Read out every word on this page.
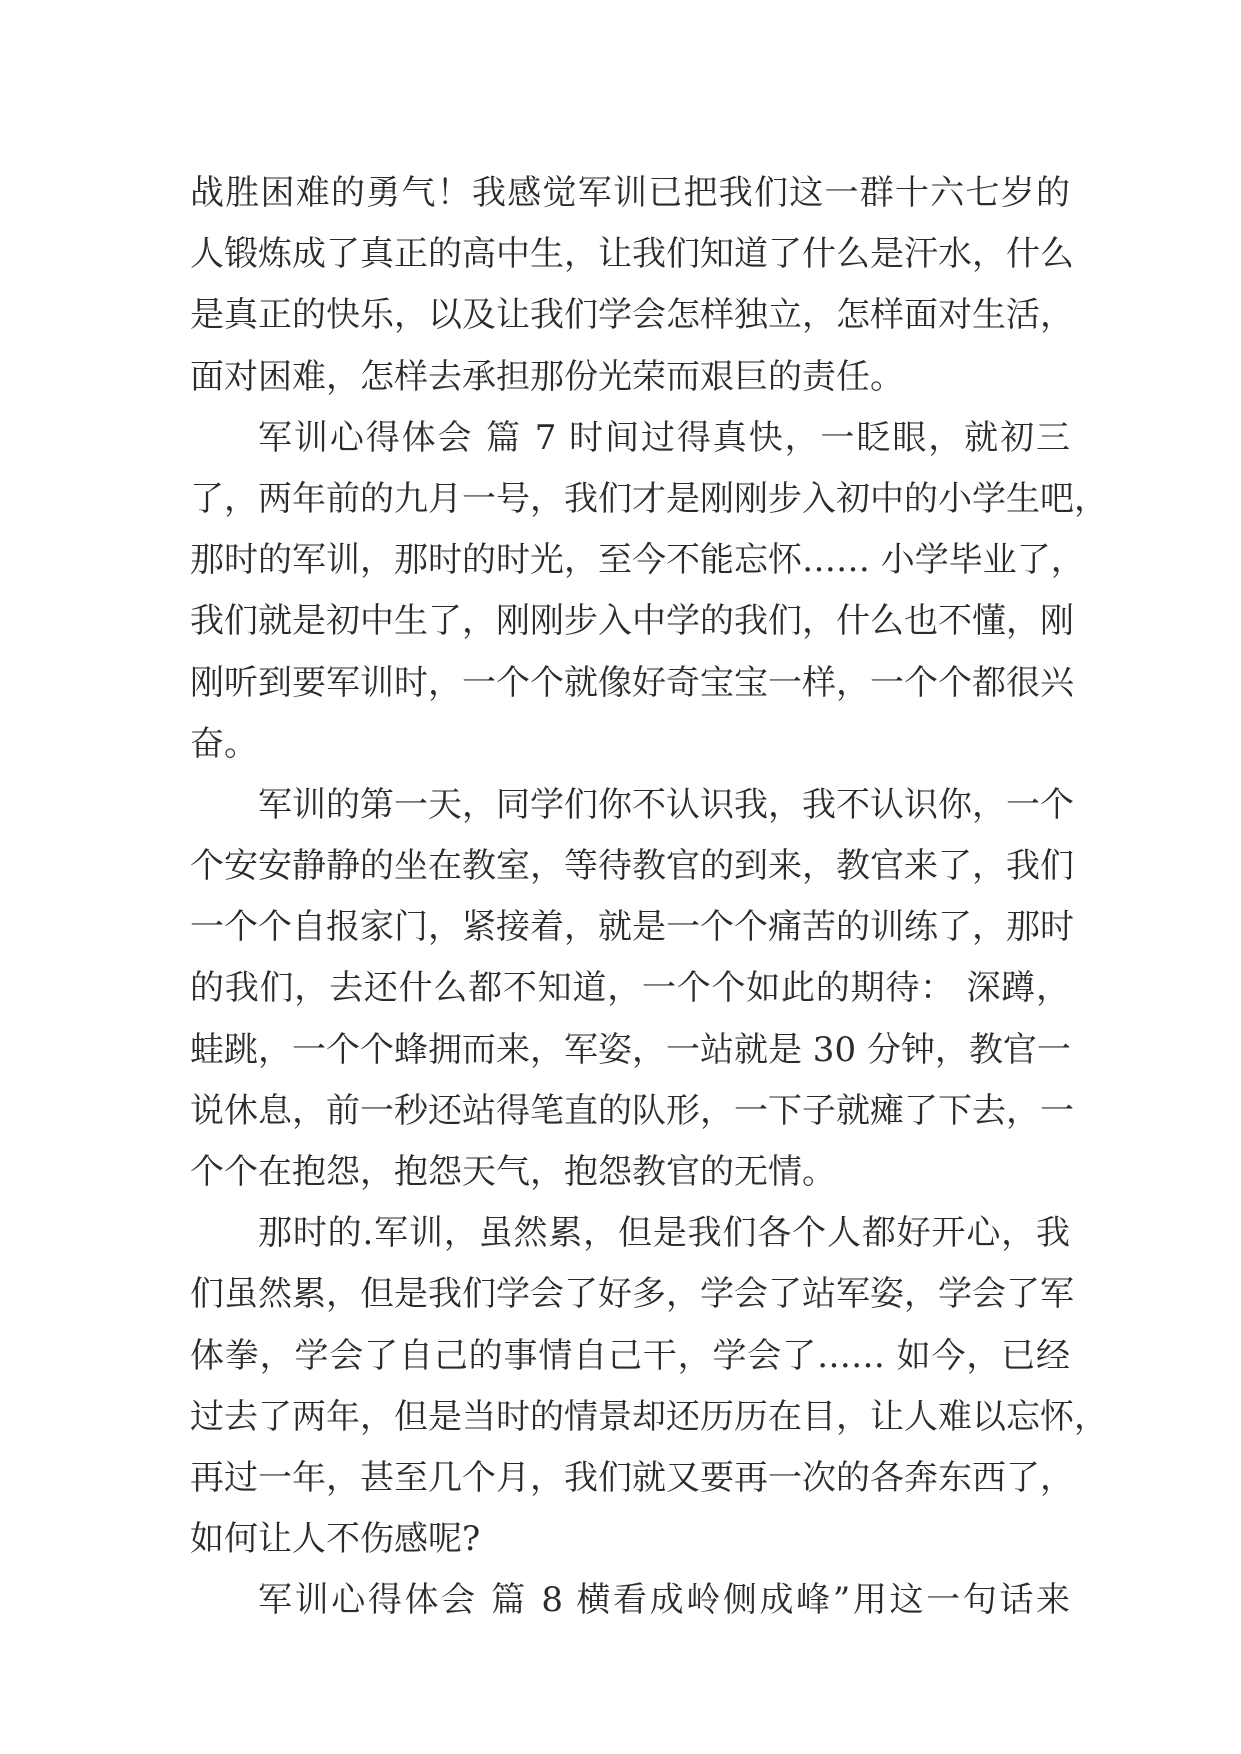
战胜困难的勇气！我感觉军训已把我们这一群十六七岁的
人锻炼成了真正的高中生，让我们知道了什么是汗水，什么
是真正的快乐，以及让我们学会怎样独立，怎样面对生活，
面对困难，怎样去承担那份光荣而艰巨的责任。
军训心得体会 篇 7 时间过得真快，一眨眼，就初三
了，两年前的九月一号，我们才是刚刚步入初中的小学生吧，
那时的军训，那时的时光，至今不能忘怀…… 小学毕业了，
我们就是初中生了，刚刚步入中学的我们，什么也不懂，刚
刚听到要军训时，一个个就像好奇宝宝一样，一个个都很兴
奋。
军训的第一天，同学们你不认识我，我不认识你，一个
个安安静静的坐在教室，等待教官的到来，教官来了，我们
一个个自报家门，紧接着，就是一个个痛苦的训练了，那时
的我们，去还什么都不知道，一个个如此的期待： 深蹲，
蛙跳，一个个蜂拥而来，军姿，一站就是 30 分钟，教官一
说休息，前一秒还站得笔直的队形，一下子就瘫了下去，一
个个在抱怨，抱怨天气，抱怨教官的无情。
那时的.军训，虽然累，但是我们各个人都好开心，我
们虽然累，但是我们学会了好多，学会了站军姿，学会了军
体拳，学会了自己的事情自己干，学会了…… 如今，已经
过去了两年，但是当时的情景却还历历在目，让人难以忘怀，
再过一年，甚至几个月，我们就又要再一次的各奔东西了，
如何让人不伤感呢?
军训心得体会 篇 8 横看成岭侧成峰”用这一句话来
